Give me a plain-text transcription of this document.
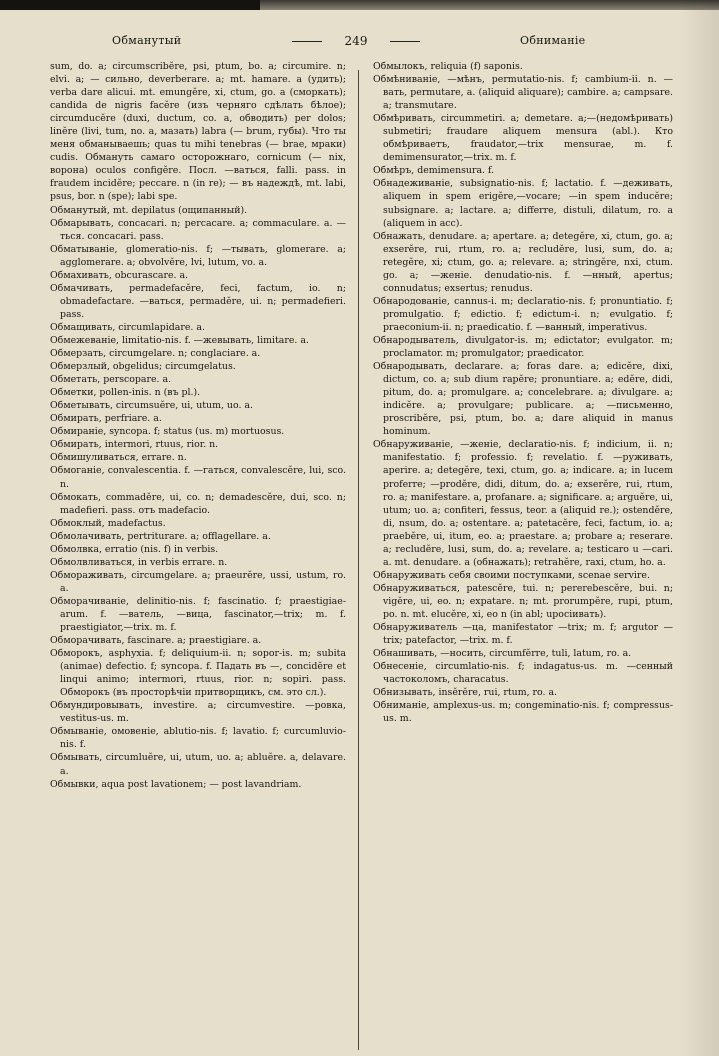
Обманутый	249	Обниманіе

sum, do. a; circumscribĕre, psi, ptum, bo. a; circumire. n; elvi. a; — сильно, deverberare. a; mt. hamare. a (удить); verba dare alicui. mt. emungĕre, xi, ctum, go. a (сморкать); candida de nigris facĕre (изъ черняго сдѣлать бѣлое); circumducĕre (duxi, ductum, co. a, обводить) per dolos; linĕre (livi, tum, no. a, мазать) labra (— brum, губы). Что ты меня обманываешь; quas tu mihi tenebras (— brae, мраки) cudis. Обмануть самаго осторожнаго, cornicum (— nix, ворона) oculos configĕre. Посл. —ваться, falli. pass. in fraudem incidĕre; peccare. n (in re); — въ надеждѣ, mt. labi, psus, bor. n (spe); labi spe.

Обманутый, mt. depilatus (ощипанный).

Обмарывать, concacari. n; percacare. a; commaculare. a. —тьcя. concacari. pass.

Обматываніе, glomeratio-nis. f; —тывать, glomerare. a; agglomerare. a; obvolvĕre, lvi, lutum, vo. a.

Обмахивать, obcurascare. a.

Обмачивать, permadefacĕre, feci, factum, io. n; obmadefactare. —ваться, permadĕre, ui. n; permadefieri. pass.

Обмащивать, circumlapidare. a.

Обмежеваніе, limitatio-nis. f. —жевывать, limitare. a.

Обмерзать, circumgelare. n; conglaciare. a.

Обмерзлый, obgelidus; circumgelatus.

Обметать, perscopare. a.

Обметки, pollen-inis. n (въ pl.).

Обметывать, circumsuĕre, ui, utum, uo. a.

Обмирать, perfriare. a.

Обмираніе, syncopa. f; status (us. m) mortuosus.

Обмирать, intermori, rtuus, rior. n.

Обмишуливаться, errare. n.

Обмоганіе, convalescentia. f. —гаться, convalescĕre, lui, sco. n.

Обмокать, commadĕre, ui, co. n; demadescĕre, dui, sco. n; madefieri. pass. отъ madefacio.

Обмоклый, madefactus.

Обмолачивать, pertriturare. a; offlagellare. a.

Обмолвка, erratio (nis. f) in verbis.

Обмолвливаться, in verbis errare. n.

Обмораживать, circumgelare. a; praeurĕre, ussi, ustum, ro. a.

Обморачиваніе, delinitio-nis. f; fascinatio. f; praestigiae-arum. f. —ватель, —вица, fascinator,—trix; m. f. praestigiator,—trix. m. f.

Обморачивать, fascinare. a; praestigiare. a.

Обморокъ, asphyxia. f; deliquium-ii. n; sopor-is. m; subita (animae) defectio. f; syncopa. f. Падать въ —, concidĕre et linqui animo; intermori, rtuus, rior. n; sopiri. pass. Обморокъ (въ просторѣчіи притворщикъ, см. это сл.).

Обмундировывать, investire. a; circumvestire. —ровка, vestitus-us. m.

Обмываніе, омовеніе, ablutio-nis. f; lavatio. f; curcumluvio-nis. f.

Обмывать, circumluĕre, ui, utum, uo. a; abluĕre. a, delavare. a.

Обмывки, aqua post lavationem; — post lavandriam.

Обмылокъ, reliquia (f) saponis.

Обмѣниваніе, —мѣнъ, permutatio-nis. f; cambium-ii. n. —вать, permutare, a. (aliquid aliquare); cambire. a; campsare. a; transmutare.

Обмѣривать, circummetiri. a; demetare. a;—(недомѣривать) submetiri; fraudare aliquem mensura (abl.). Кто обмѣриваетъ, fraudator,—trix mensurae, m. f. demimensurator,—trix. m. f.

Обмѣръ, demimensura. f.

Обнадеживаніе, subsignatio-nis. f; lactatio. f. —деживать, aliquem in spem erigĕre,—vocare; —in spem inducĕre; subsignare. a; lactare. a; differre, distuli, dilatum, ro. a (aliquem in acc).

Обнажать, denudare. a; apertare. a; detegĕre, xi, ctum, go. a; exserĕre, rui, rtum, ro. a; recludĕre, lusi, sum, do. a; retegĕre, xi; ctum, go. a; relevare. a; stringĕre, nxi, ctum. go. a; —женіе. denudatio-nis. f. —нный, apertus; connudatus; exsertus; renudus.

Обнародованіе, cannus-i. m; declaratio-nis. f; pronuntiatio. f; promulgatio. f; edictio. f; edictum-i. n; evulgatio. f; praeconium-ii. n; praedicatio. f. —ванный, imperativus.

Обнародыватель, divulgator-is. m; edictator; evulgator. m; proclamator. m; promulgator; praedicator.

Обнародывать, declarare. a; foras dare. a; edicĕre, dixi, dictum, co. a; sub dium rapĕre; pronuntiare. a; edĕre, didi, pitum, do. a; promulgare. a; concelebrare. a; divulgare. a; indicĕre. a; provulgare; publicare. a; —письменно, proscribĕre, psi, ptum, bo. a; dare aliquid in manus hominum.

Обнаруживаніе, —женіе, declaratio-nis. f; indicium, ii. n; manifestatio. f; professio. f; revelatio. f. —руживать, aperire. a; detegĕre, texi, ctum, go. a; indicare. a; in lucem proferre; —prodĕre, didi, ditum, do. a; exserĕre, rui, rtum, ro. a; manifestare. a, profanare. a; significare. a; arguĕre, ui, utum; uo. a; confiteri, fessus, teor. a (aliquid re.); ostendĕre, di, nsum, do. a; ostentare. a; patetacĕre, feci, factum, io. a; praebĕre, ui, itum, eo. a; praestare. a; probare a; reserare. a; recludĕre, lusi, sum, do. a; revelare. a; testicaro u —cari. a. mt. denudare. a (обнажать); retrahĕre, raxi, ctum, ho. a.

Обнаруживать себя своими поступками, scenae servire.

Обнаруживаться, patescĕre, tui. n; pererebescĕre, bui. n; vigĕre, ui, eo. n; expatare. n; mt. prorumpĕre, rupi, ptum, po. n. mt. elucĕre, xi, eo n (in abl; upociивать).

Обнаруживатель —ца, manifestator —trix; m. f; argutor —trix; patefactor, —trix. m. f.

Обнашивать, —носить, circumfĕrre, tuli, latum, ro. a.

Обнесеніе, circumlatio-nis. f; indagatus-us. m. —сенный частоколомъ, characatus.

Обнизывать, insĕrĕre, rui, rtum, ro. a.

Обниманіе, amplexus-us. m; congeminatio-nis. f; compressus-us. m.
